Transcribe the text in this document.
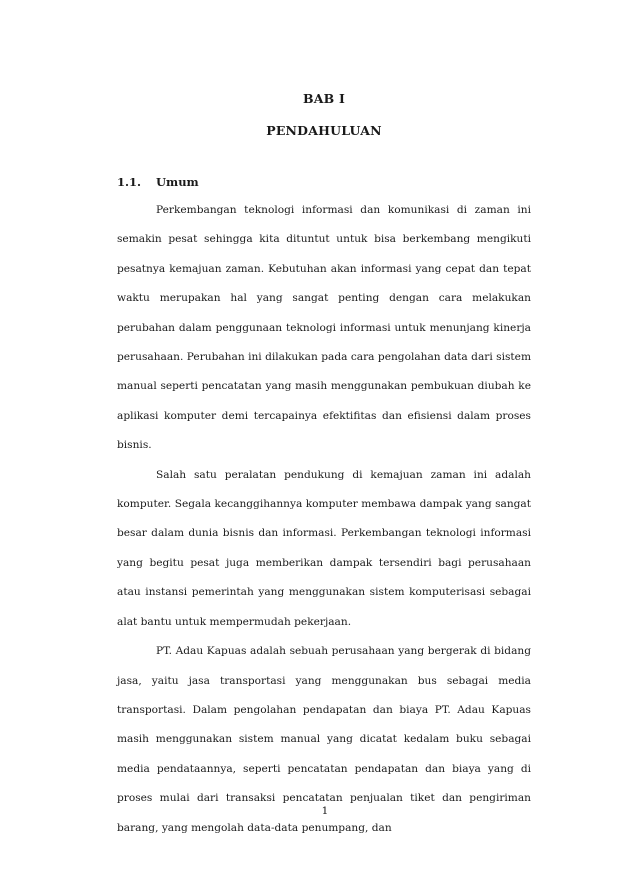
BAB I
PENDAHULUAN
1.1. Umum

Perkembangan teknologi informasi dan komunikasi di zaman ini semakin pesat sehingga kita dituntut untuk bisa berkembang mengikuti pesatnya kemajuan zaman. Kebutuhan akan informasi yang cepat dan tepat waktu merupakan hal yang sangat penting dengan cara melakukan perubahan dalam penggunaan teknologi informasi untuk menunjang kinerja perusahaan. Perubahan ini dilakukan pada cara pengolahan data dari sistem manual seperti pencatatan yang masih menggunakan pembukuan diubah ke aplikasi komputer demi tercapainya efektifitas dan efisiensi dalam proses bisnis.

Salah satu peralatan pendukung di kemajuan zaman ini adalah komputer. Segala kecanggihannya komputer membawa dampak yang sangat besar dalam dunia bisnis dan informasi. Perkembangan teknologi informasi yang begitu pesat juga memberikan dampak tersendiri bagi perusahaan atau instansi pemerintah yang menggunakan sistem komputerisasi sebagai alat bantu untuk mempermudah pekerjaan.

PT. Adau Kapuas adalah sebuah perusahaan yang bergerak di bidang jasa, yaitu jasa transportasi yang menggunakan bus sebagai media transportasi. Dalam pengolahan pendapatan dan biaya PT. Adau Kapuas masih menggunakan sistem manual yang dicatat kedalam buku sebagai media pendataannya, seperti pencatatan pendapatan dan biaya yang di proses mulai dari transaksi pencatatan penjualan tiket dan pengiriman barang, yang mengolah data-data penumpang, dan

1
